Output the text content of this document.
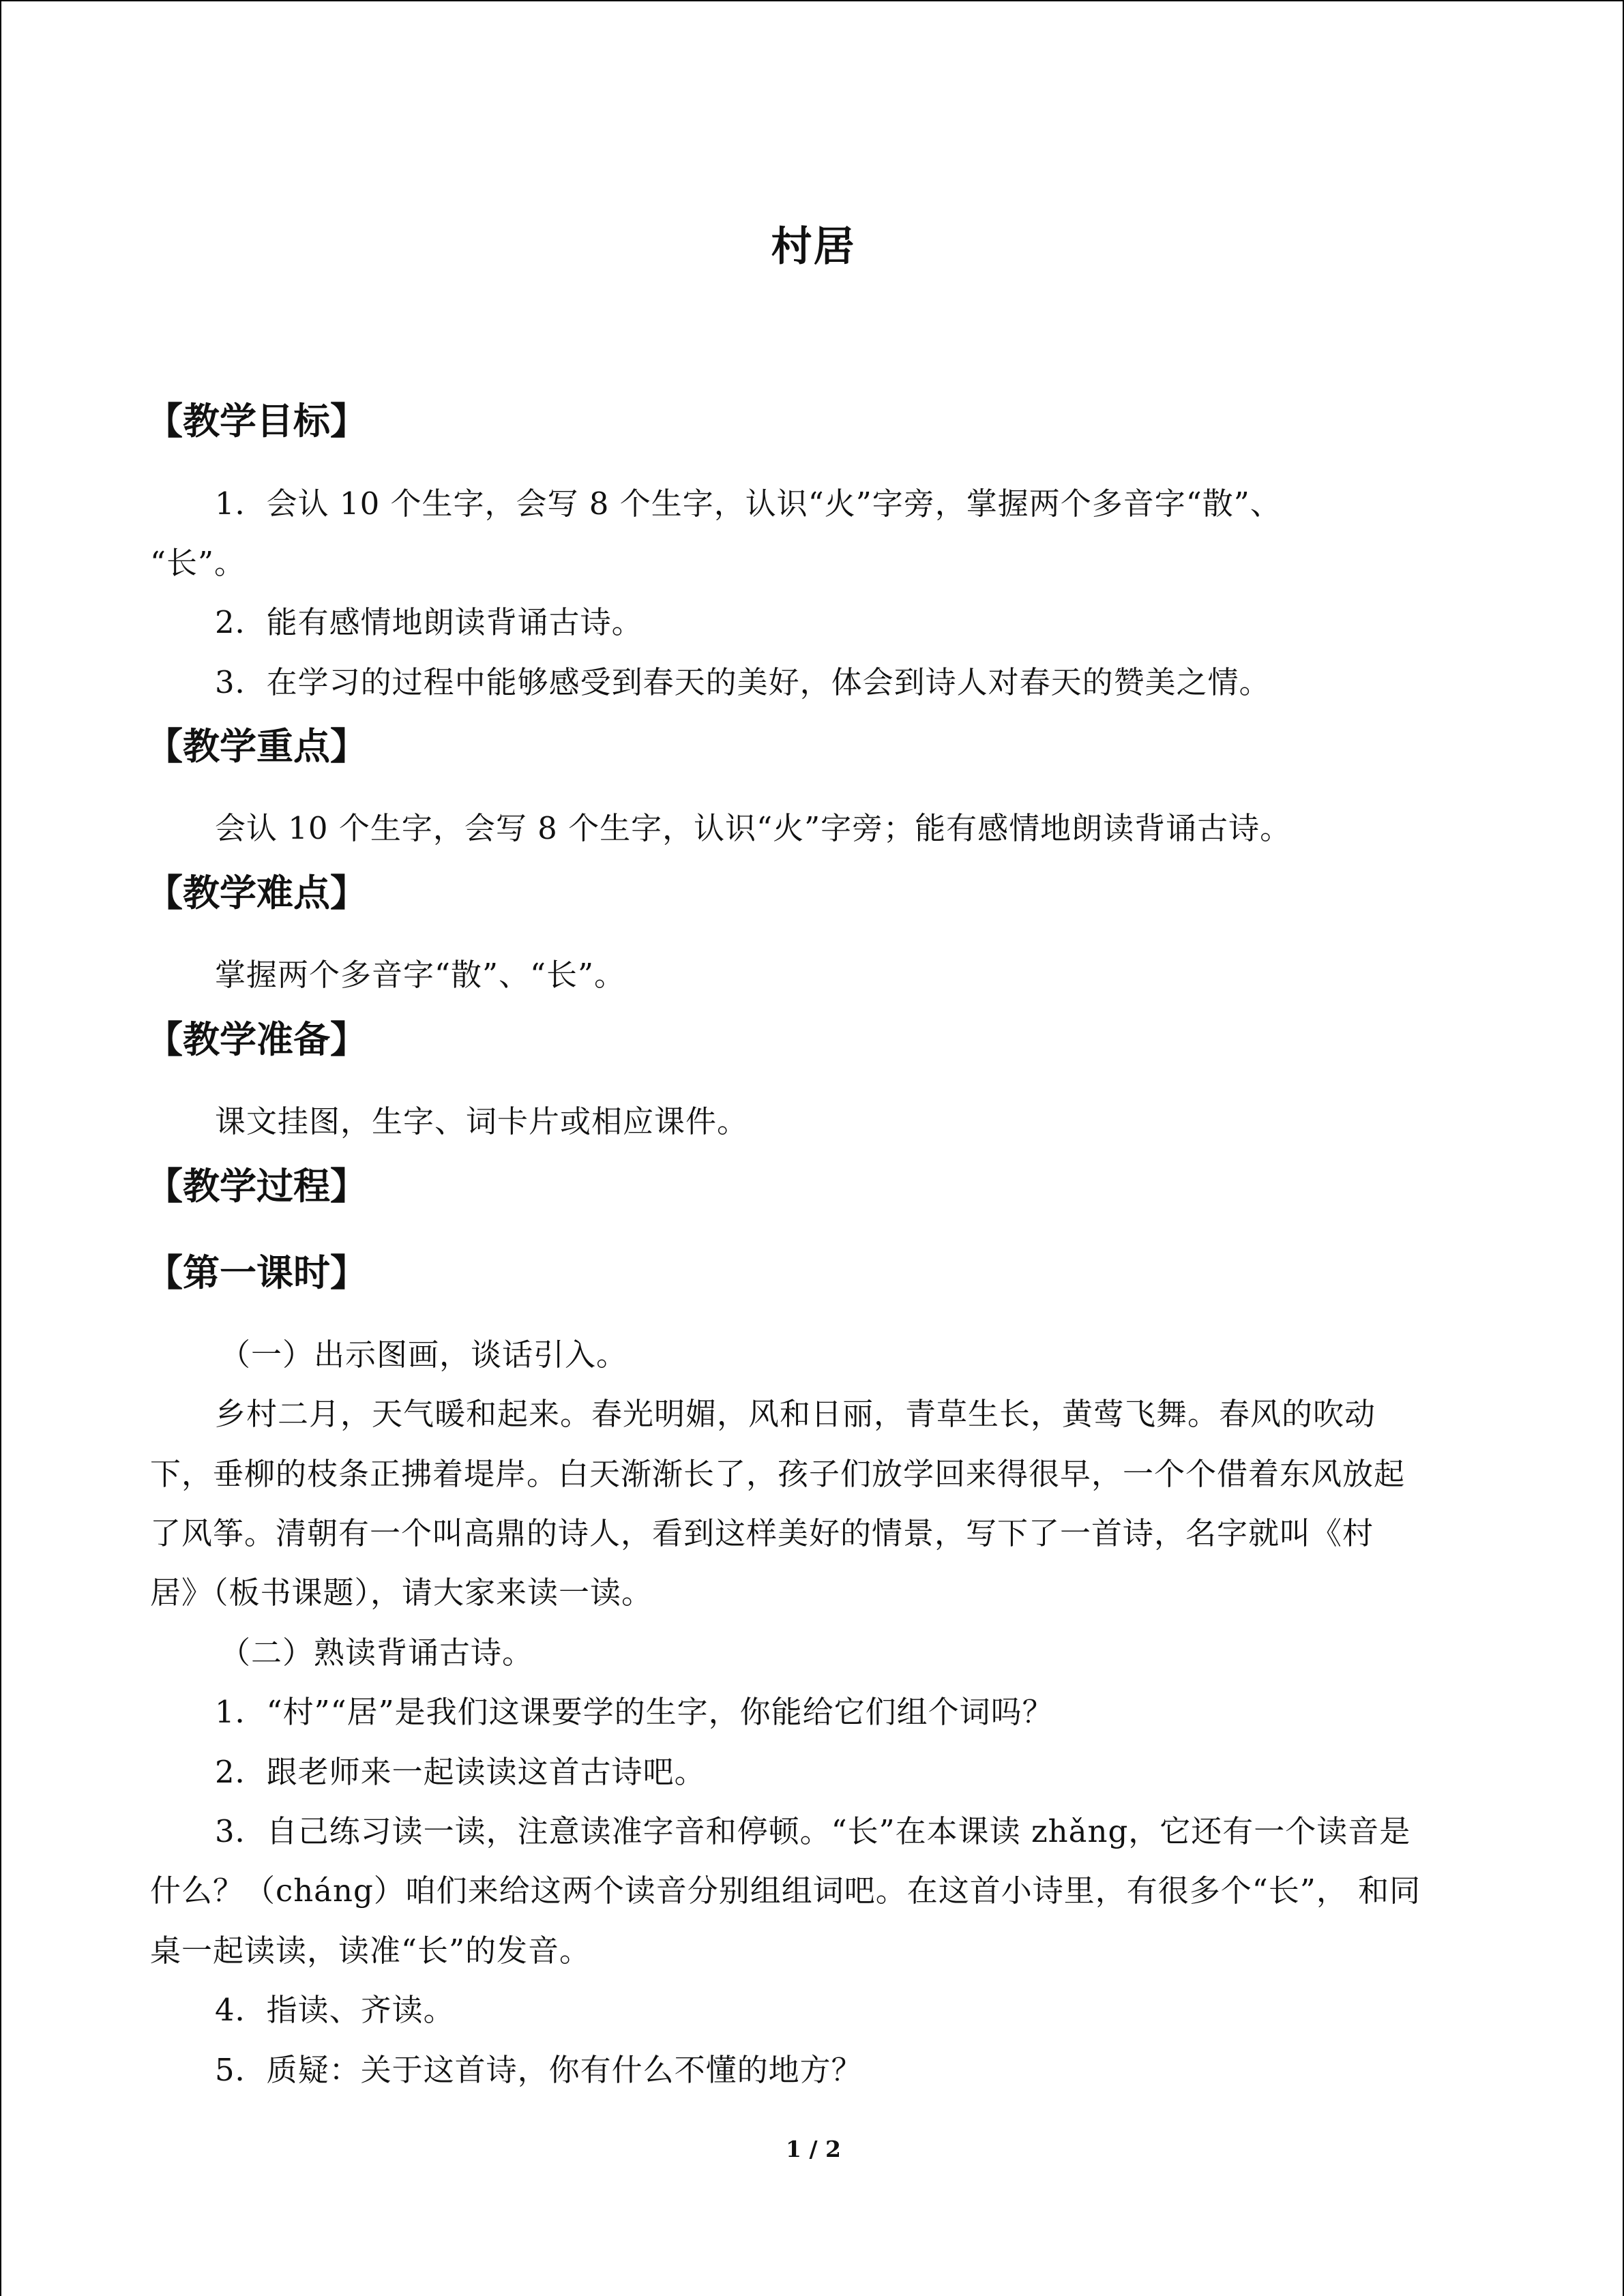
村居
【教学目标】
1．会认 10 个生字，会写 8 个生字，认识“火”字旁，掌握两个多音字“散”、
“长”。
2．能有感情地朗读背诵古诗。
3．在学习的过程中能够感受到春天的美好，体会到诗人对春天的赞美之情。
【教学重点】
会认 10 个生字，会写 8 个生字，认识“火”字旁；能有感情地朗读背诵古诗。
【教学难点】
掌握两个多音字“散”、“长”。
【教学准备】
课文挂图，生字、词卡片或相应课件。
【教学过程】
【第一课时】
（一）出示图画，谈话引入。
乡村二月，天气暖和起来。春光明媚，风和日丽，青草生长，黄莺飞舞。春风的吹动
下，垂柳的枝条正拂着堤岸。白天渐渐长了，孩子们放学回来得很早，一个个借着东风放起
了风筝。清朝有一个叫高鼎的诗人，看到这样美好的情景，写下了一首诗，名字就叫《村
居》（板书课题），请大家来读一读。
（二）熟读背诵古诗。
1．“村”“居”是我们这课要学的生字，你能给它们组个词吗？
2．跟老师来一起读读这首古诗吧。
3．自己练习读一读，注意读准字音和停顿。“长”在本课读 zhǎng，它还有一个读音是
什么？（cháng）咱们来给这两个读音分别组组词吧。在这首小诗里，有很多个“长”， 和同
桌一起读读，读准“长”的发音。
4．指读、齐读。
5．质疑：关于这首诗，你有什么不懂的地方？
1 / 2
